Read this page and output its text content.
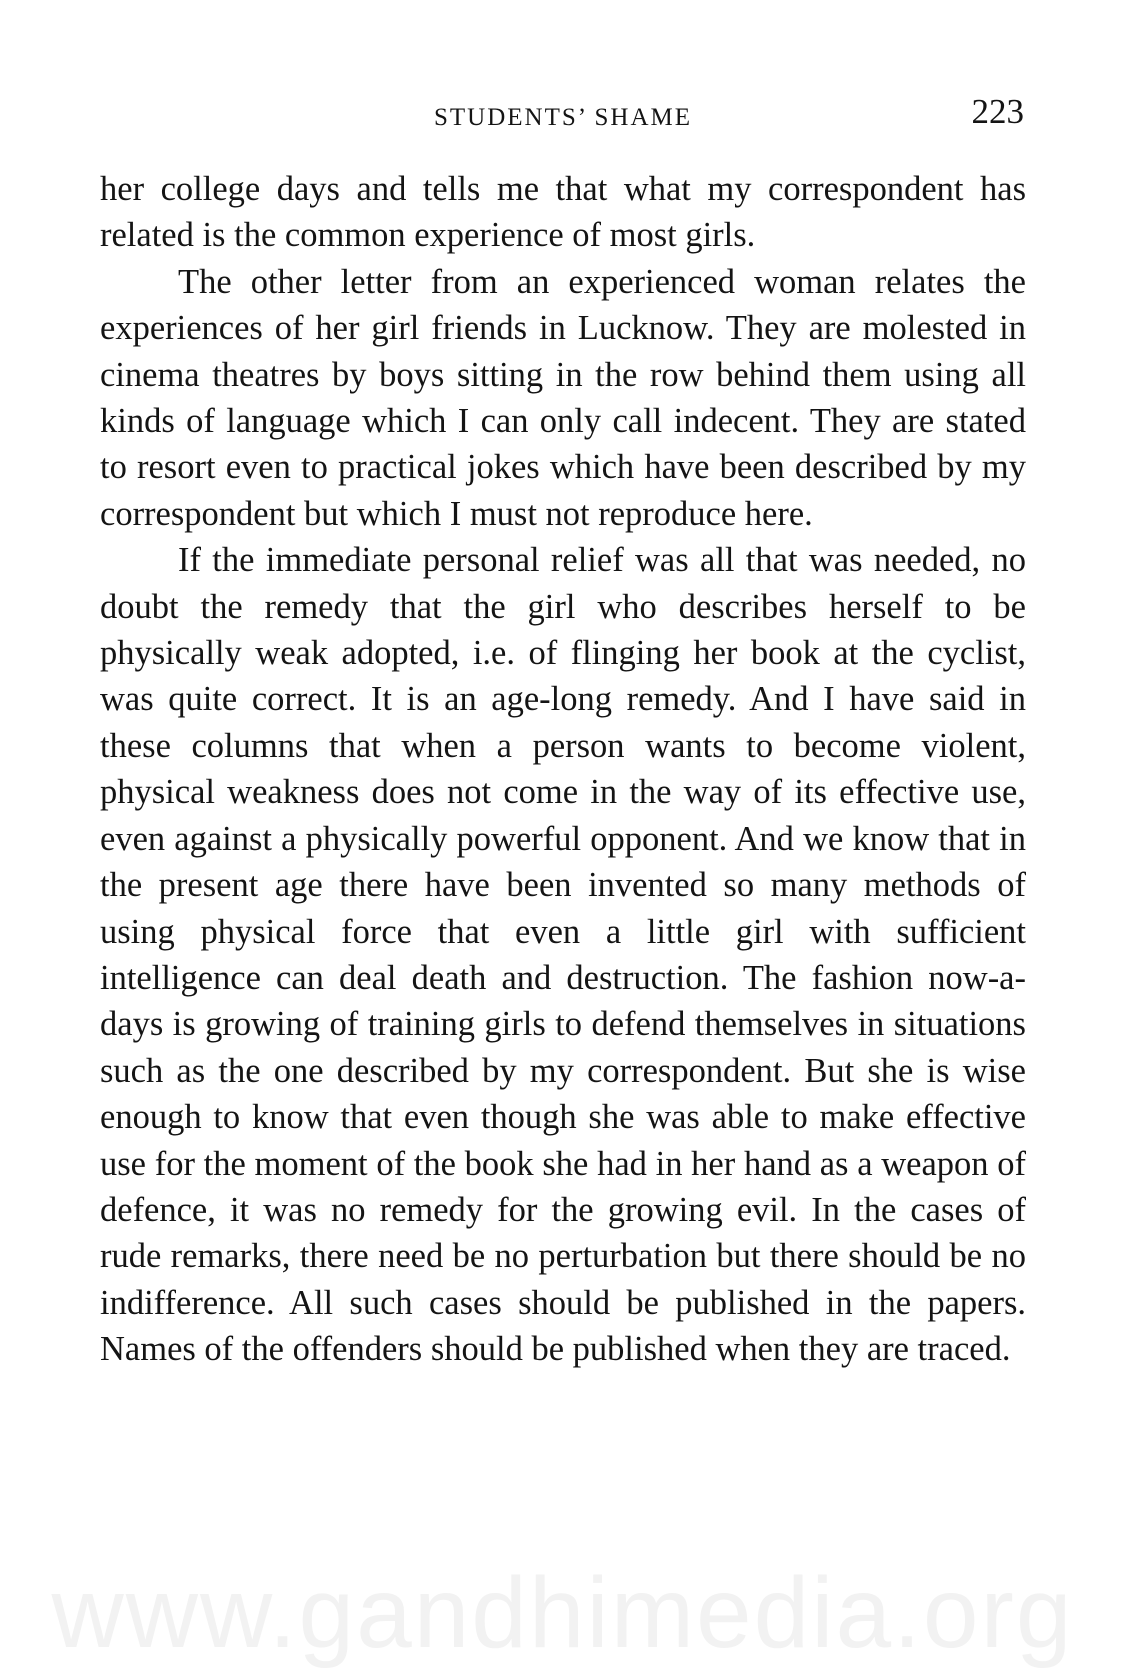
STUDENTS’ SHAME	223

her college days and tells me that what my correspondent has related is the common experience of most girls.

The other letter from an experienced woman relates the experiences of her girl friends in Lucknow. They are molested in cinema theatres by boys sitting in the row behind them using all kinds of language which I can only call indecent. They are stated to resort even to practical jokes which have been described by my correspondent but which I must not reproduce here.

If the immediate personal relief was all that was needed, no doubt the remedy that the girl who describes herself to be physically weak adopted, i.e. of flinging her book at the cyclist, was quite correct. It is an age-long remedy. And I have said in these columns that when a person wants to become violent, physical weakness does not come in the way of its effective use, even against a physically powerful opponent. And we know that in the present age there have been invented so many methods of using physical force that even a little girl with sufficient intelligence can deal death and destruction. The fashion now-a-days is growing of training girls to defend themselves in situations such as the one described by my correspondent. But she is wise enough to know that even though she was able to make effective use for the moment of the book she had in her hand as a weapon of defence, it was no remedy for the growing evil. In the cases of rude remarks, there need be no perturbation but there should be no indifference. All such cases should be published in the papers. Names of the offenders should be published when they are traced.

www.gandhimedia.org
